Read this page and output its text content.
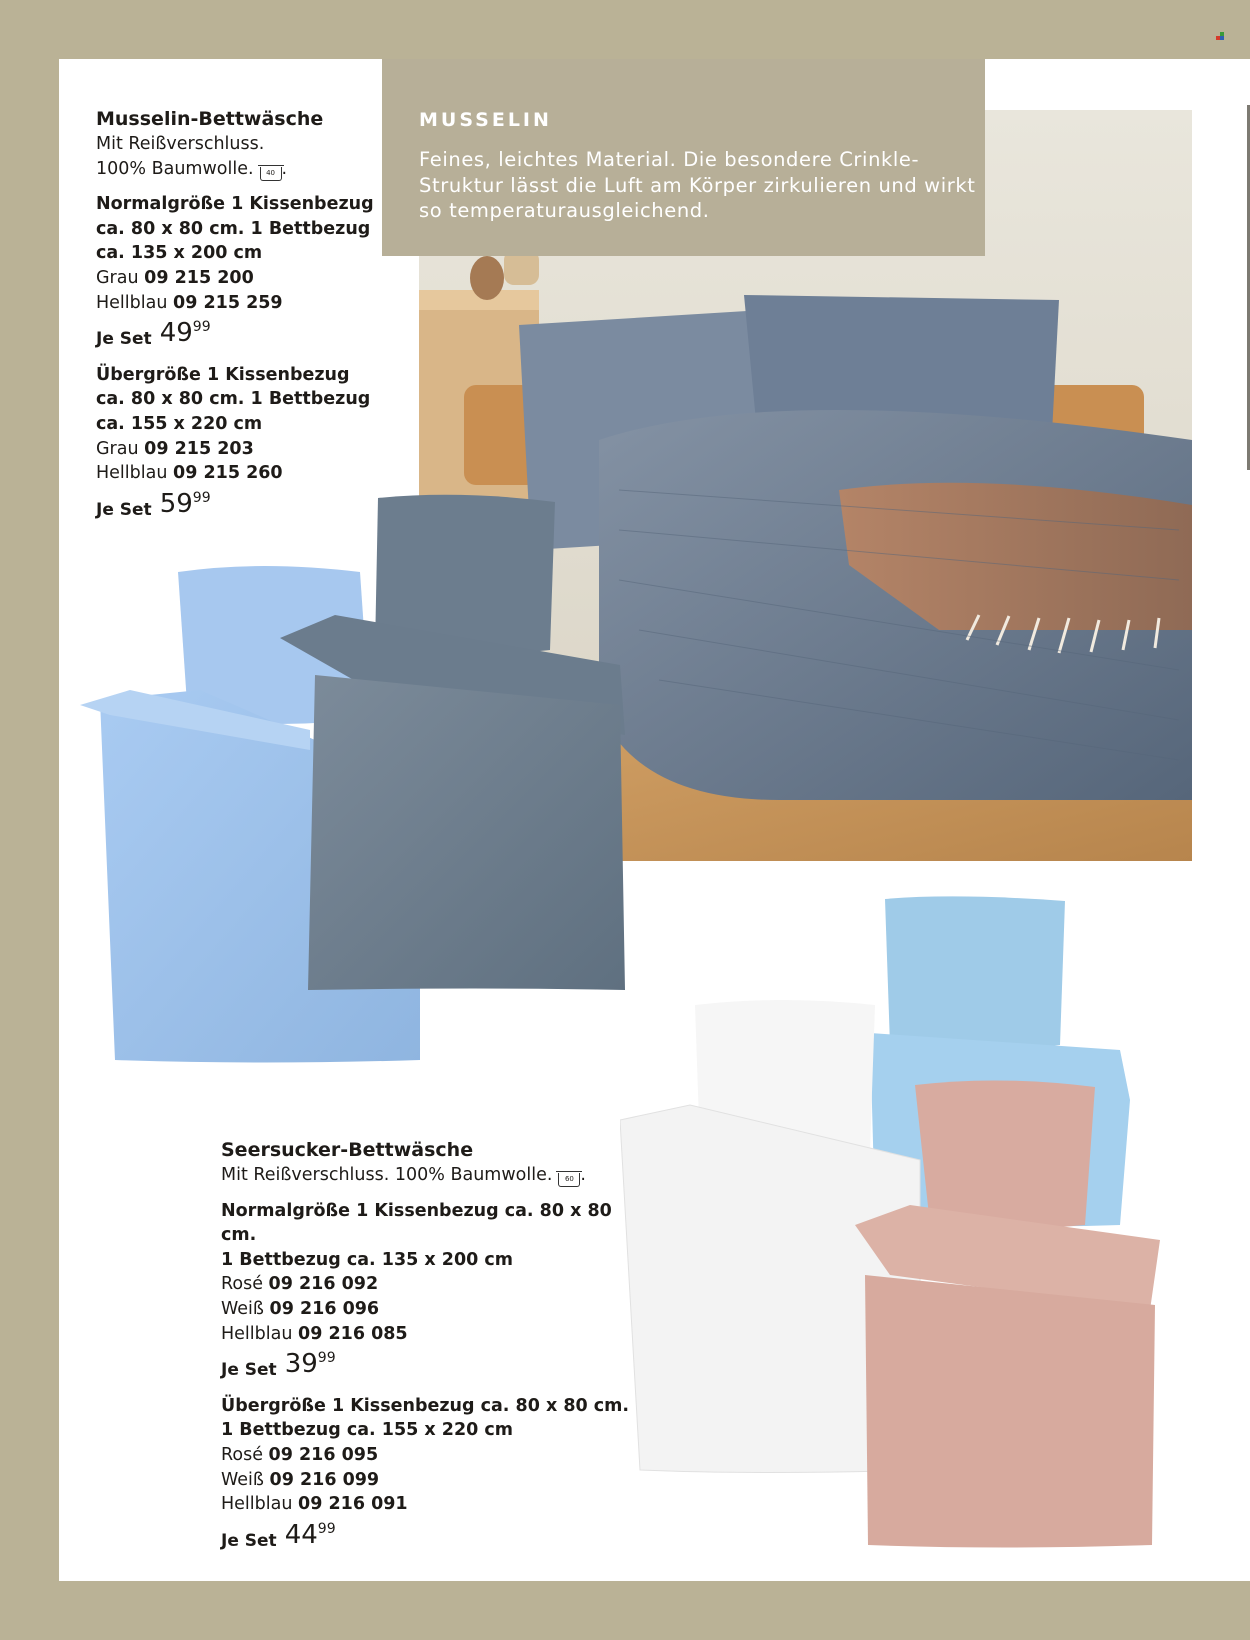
MUSSELIN
Feines, leichtes Material. Die besondere Crinkle-Struktur lässt die Luft am Körper zirkulieren und wirkt so temperaturausgleichend.
Musselin-Bettwäsche
Mit Reißverschluss.
100% Baumwolle. 40 .
Normalgröße 1 Kissenbezug
ca. 80 x 80 cm. 1 Bettbezug
ca. 135 x 200 cm
Grau 09 215 200
Hellblau 09 215 259
Je Set 49 99
Übergröße 1 Kissenbezug
ca. 80 x 80 cm. 1 Bettbezug
ca. 155 x 220 cm
Grau 09 215 203
Hellblau 09 215 260
Je Set 59 99
Seersucker-Bettwäsche
Mit Reißverschluss. 100% Baumwolle. 60 .
Normalgröße 1 Kissenbezug ca. 80 x 80 cm.
1 Bettbezug ca. 135 x 200 cm
Rosé 09 216 092
Weiß 09 216 096
Hellblau 09 216 085
Je Set 39 99
Übergröße 1 Kissenbezug ca. 80 x 80 cm.
1 Bettbezug ca. 155 x 220 cm
Rosé 09 216 095
Weiß 09 216 099
Hellblau 09 216 091
Je Set 44 99
